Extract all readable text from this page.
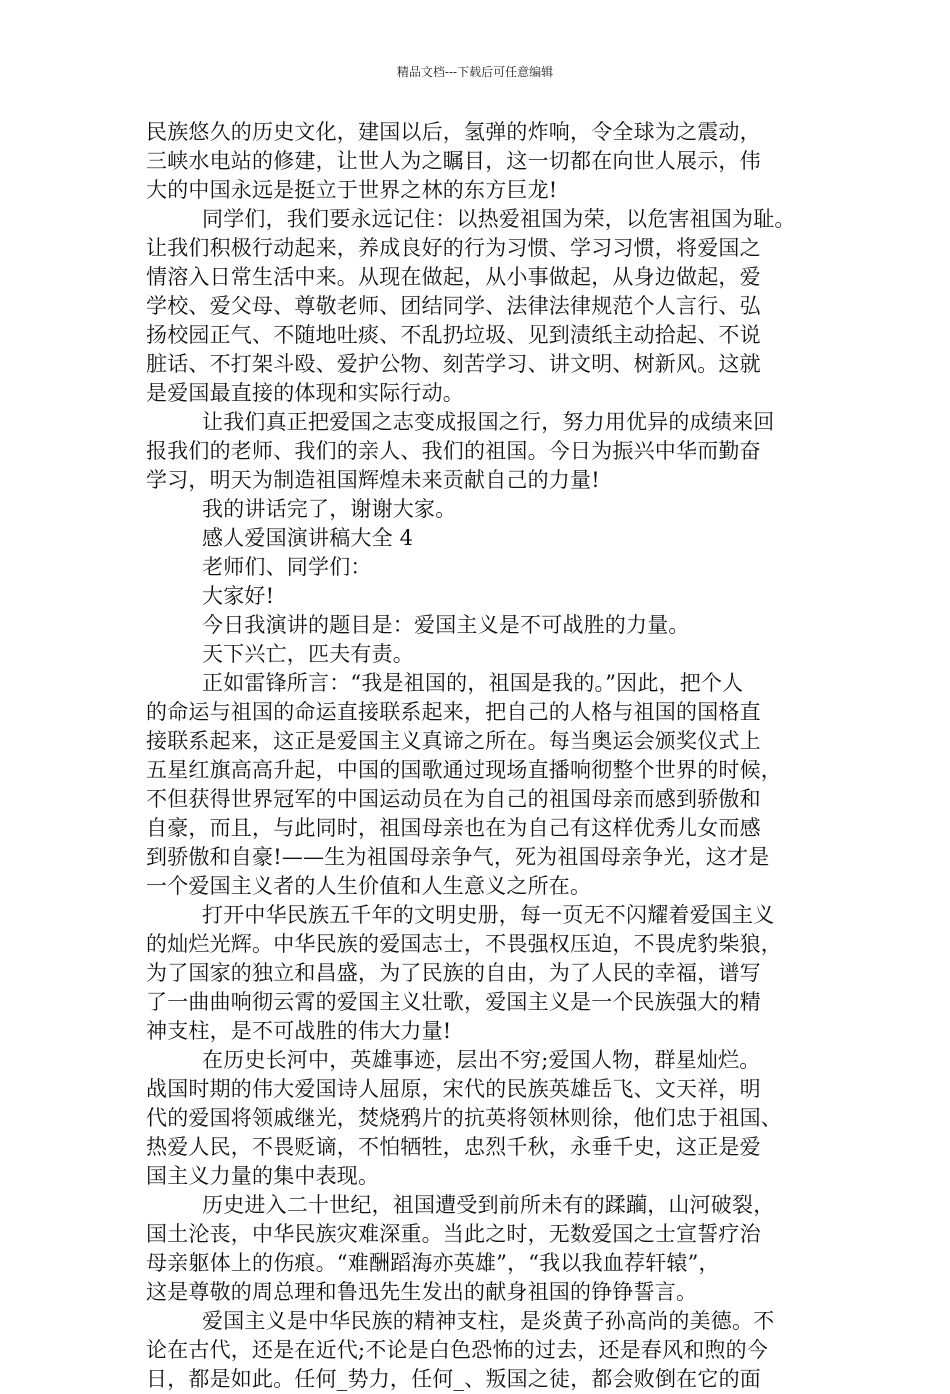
精品文档---下载后可任意编辑
民族悠久的历史文化，建国以后，氢弹的炸响，令全球为之震动，
三峡水电站的修建，让世人为之瞩目，这一切都在向世人展示，伟
大的中国永远是挺立于世界之林的东方巨龙!
同学们，我们要永远记住：以热爱祖国为荣，以危害祖国为耻。
让我们积极行动起来，养成良好的行为习惯、学习习惯，将爱国之
情溶入日常生活中来。从现在做起，从小事做起，从身边做起，爱
学校、爱父母、尊敬老师、团结同学、法律法律规范个人言行、弘
扬校园正气、不随地吐痰、不乱扔垃圾、见到渍纸主动拾起、不说
脏话、不打架斗殴、爱护公物、刻苦学习、讲文明、树新风。这就
是爱国最直接的体现和实际行动。
让我们真正把爱国之志变成报国之行，努力用优异的成绩来回
报我们的老师、我们的亲人、我们的祖国。今日为振兴中华而勤奋
学习，明天为制造祖国辉煌未来贡献自己的力量!
我的讲话完了，谢谢大家。
感人爱国演讲稿大全 4
老师们、同学们：
大家好!
今日我演讲的题目是：爱国主义是不可战胜的力量。
天下兴亡，匹夫有责。
正如雷锋所言：“我是祖国的，祖国是我的。”因此，把个人
的命运与祖国的命运直接联系起来，把自己的人格与祖国的国格直
接联系起来，这正是爱国主义真谛之所在。每当奥运会颁奖仪式上
五星红旗高高升起，中国的国歌通过现场直播响彻整个世界的时候，
不但获得世界冠军的中国运动员在为自己的祖国母亲而感到骄傲和
自豪，而且，与此同时，祖国母亲也在为自己有这样优秀儿女而感
到骄傲和自豪!——生为祖国母亲争气，死为祖国母亲争光，这才是
一个爱国主义者的人生价值和人生意义之所在。
打开中华民族五千年的文明史册，每一页无不闪耀着爱国主义
的灿烂光辉。中华民族的爱国志士，不畏强权压迫，不畏虎豹柴狼，
为了国家的独立和昌盛，为了民族的自由，为了人民的幸福，谱写
了一曲曲响彻云霄的爱国主义壮歌，爱国主义是一个民族强大的精
神支柱，是不可战胜的伟大力量!
在历史长河中，英雄事迹，层出不穷;爱国人物，群星灿烂。
战国时期的伟大爱国诗人屈原，宋代的民族英雄岳飞、文天祥，明
代的爱国将领戚继光，焚烧鸦片的抗英将领林则徐，他们忠于祖国、
热爱人民，不畏贬谪，不怕牺牲，忠烈千秋，永垂千史，这正是爱
国主义力量的集中表现。
历史进入二十世纪，祖国遭受到前所未有的蹂躏，山河破裂，
国土沦丧，中华民族灾难深重。当此之时，无数爱国之士宣誓疗治
母亲躯体上的伤痕。“难酬蹈海亦英雄”，“我以我血荐轩辕”，
这是尊敬的周总理和鲁迅先生发出的献身祖国的铮铮誓言。
爱国主义是中华民族的精神支柱，是炎黄子孙高尚的美德。不
论在古代，还是在近代;不论是白色恐怖的过去，还是春风和煦的今
日，都是如此。任何_势力，任何_、叛国之徒，都会败倒在它的面
